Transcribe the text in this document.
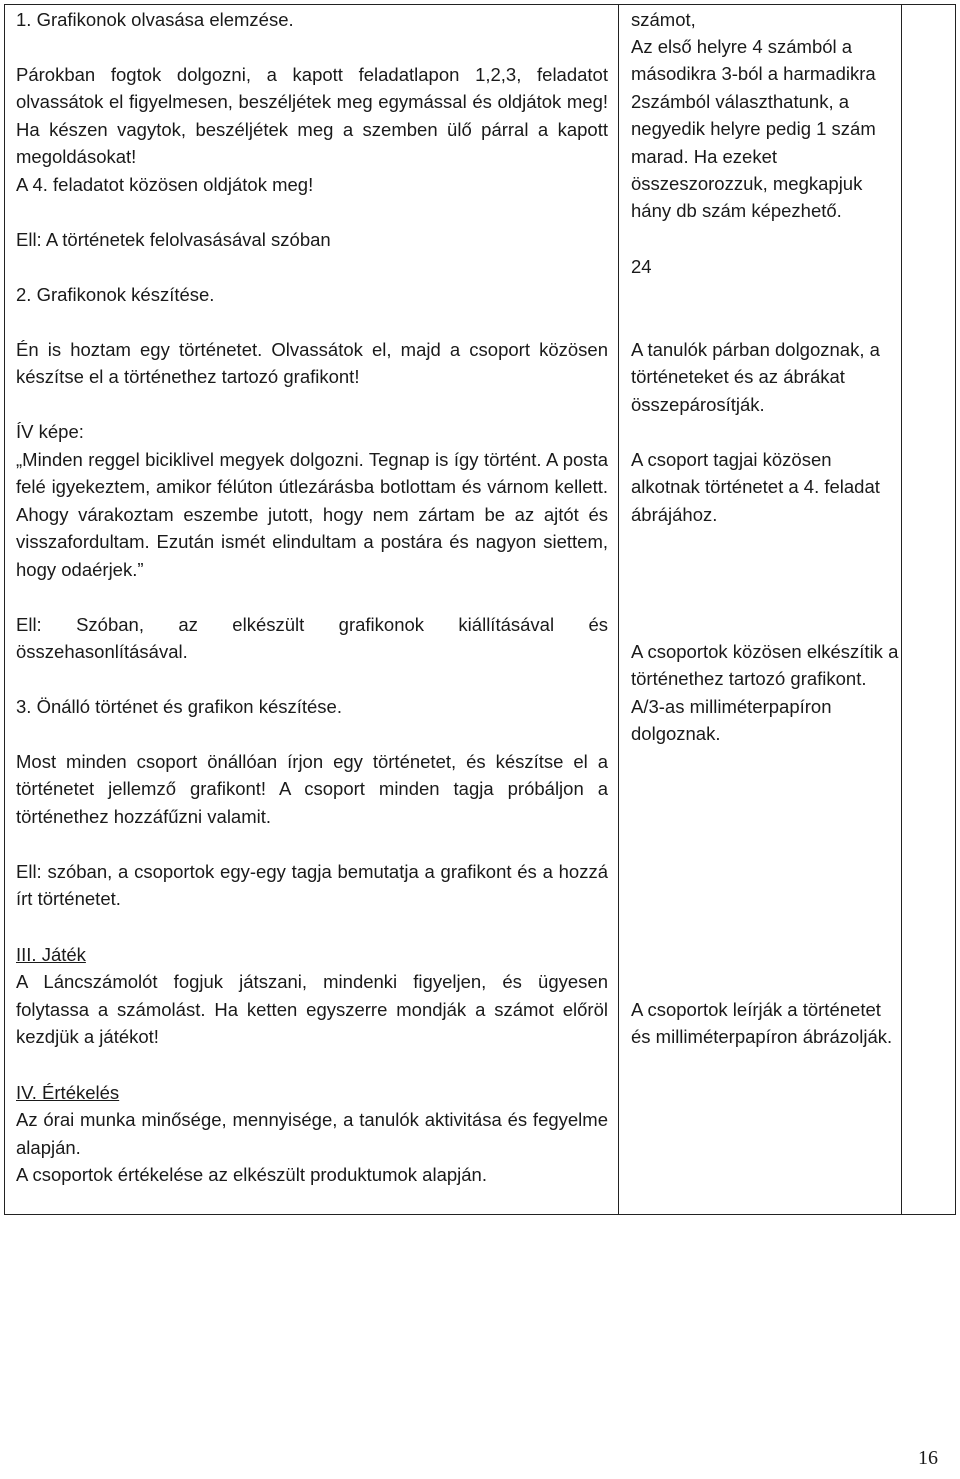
1. Grafikonok olvasása elemzése.

Párokban fogtok dolgozni, a kapott feladatlapon 1,2,3, feladatot olvassátok el figyelmesen, beszéljétek meg egymással és oldjátok meg! Ha készen vagytok, beszéljétek meg a szemben ülő párral a kapott megoldásokat!

A 4. feladatot közösen oldjátok meg!

Ell: A történetek felolvasásával szóban

2. Grafikonok készítése.

Én is hoztam egy történetet. Olvassátok el, majd a csoport közösen készítse el a történethez tartozó grafikont!

ÍV képe:

„Minden reggel biciklivel megyek dolgozni. Tegnap is így történt. A posta felé igyekeztem, amikor félúton útlezárásba botlottam és várnom kellett. Ahogy várakoztam eszembe jutott, hogy nem zártam be az ajtót és visszafordultam. Ezután ismét elindultam a postára és nagyon siettem, hogy odaérjek.”

Ell: Szóban, az elkészült grafikonok kiállításával és összehasonlításával.

3. Önálló történet és grafikon készítése.

Most minden csoport önállóan írjon egy történetet, és készítse el a történetet jellemző grafikont! A csoport minden tagja próbáljon a történethez hozzáfűzni valamit.

Ell: szóban, a csoportok egy-egy tagja bemutatja a grafikont és a hozzá írt történetet.

III. Játék
A Láncszámolót fogjuk játszani, mindenki figyeljen, és ügyesen folytassa a számolást. Ha ketten egyszerre mondják a számot előröl kezdjük a játékot!
IV. Értékelés
Az órai munka minősége, mennyisége, a tanulók aktivitása és fegyelme alapján.
A csoportok értékelése az elkészült produktumok alapján.

számot,

Az első helyre 4 számból a másodikra 3-ból a harmadikra 2számból választhatunk, a negyedik helyre pedig 1 szám marad. Ha ezeket összeszorozzuk, megkapjuk hány db szám képezhető.

24

A tanulók párban dolgoznak, a történeteket és az ábrákat összepárosítják.

A csoport tagjai közösen alkotnak történetet a 4. feladat ábrájához.

A csoportok közösen elkészítik a történethez tartozó grafikont. A/3-as milliméterpapíron dolgoznak.

A csoportok leírják a történetet és milliméterpapíron ábrázolják.

16
